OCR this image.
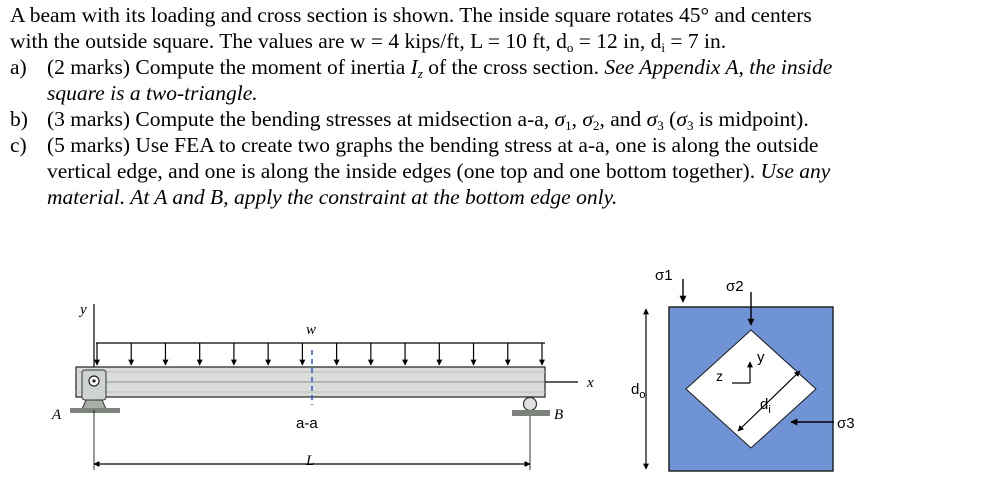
A beam with its loading and cross section is shown. The inside square rotates 45° and centers
with the outside square. The values are w = 4 kips/ft, L = 10 ft, $d_o = 12$ in, $d_i = 7$ in.
a) (2 marks) Compute the moment of inertia $I_z$ of the cross section. See Appendix A, the inside
square is a two-triangle.
b) (3 marks) Compute the bending stresses at midsection a-a, $\sigma_1$, $\sigma_2$, and $\sigma_3$ ($\sigma_3$ is midpoint).
c) (5 marks) Use FEA to create two graphs the bending stress at a-a, one is along the outside
vertical edge, and one is along the inside edges (one top and one bottom together). Use any
material. At A and B, apply the constraint at the bottom edge only.
y
w
x
a-a
A	B
L
$d_o$
σ1
σ2
σ3
z
y
$d_i$
